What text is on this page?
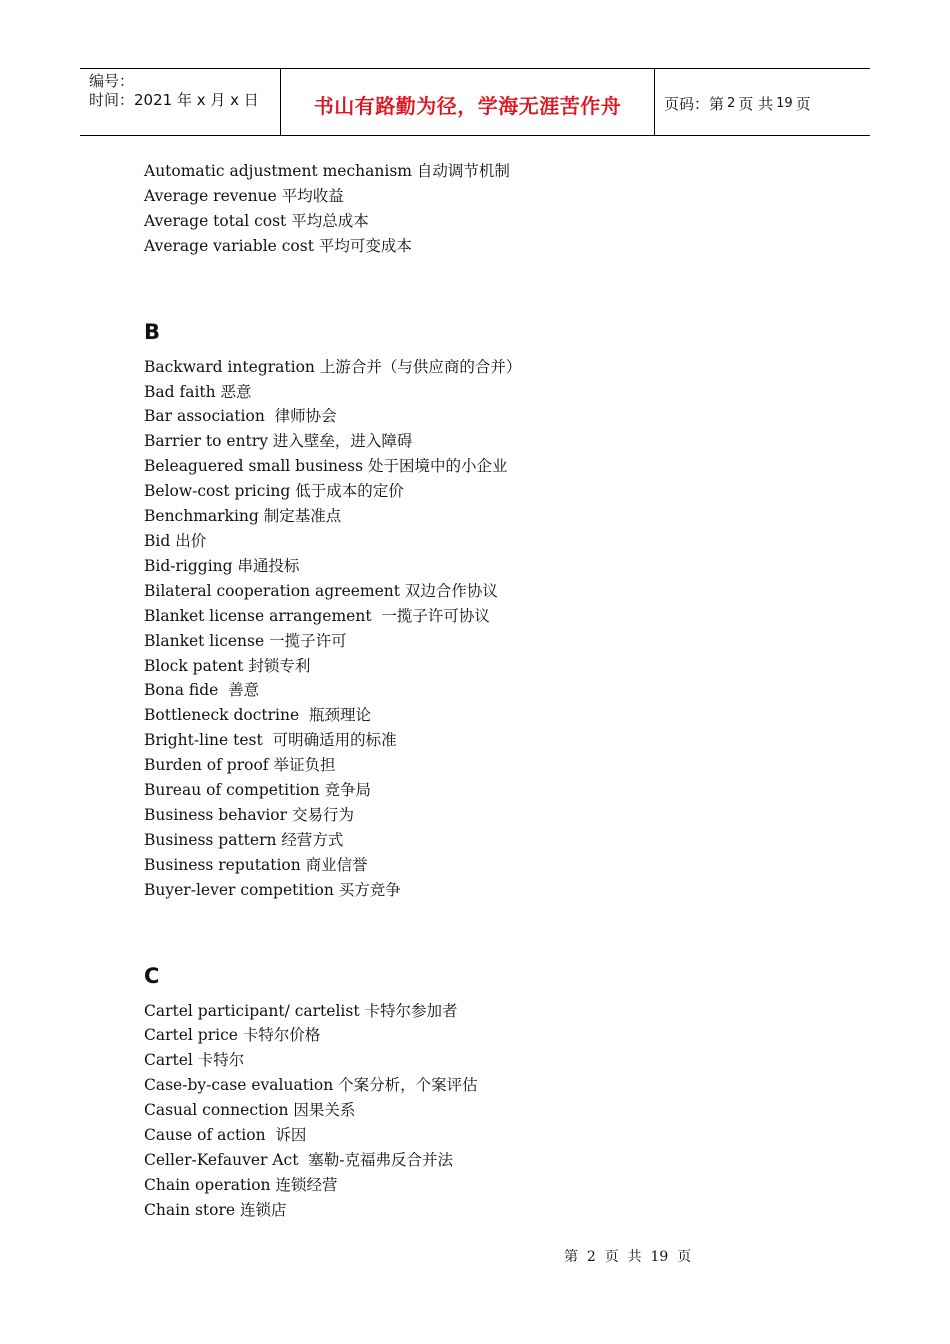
编号：
时间：2021 年 x 月 x 日	书山有路勤为径，学海无涯苦作舟	页码：第 2 页 共 19 页
Automatic adjustment mechanism 自动调节机制
Average revenue 平均收益
Average total cost 平均总成本
Average variable cost 平均可变成本
B
Backward integration 上游合并（与供应商的合并）
Bad faith 恶意
Bar association  律师协会
Barrier to entry 进入壁垒，进入障碍
Beleaguered small business 处于困境中的小企业
Below-cost pricing 低于成本的定价
Benchmarking 制定基准点
Bid 出价
Bid-rigging 串通投标
Bilateral cooperation agreement 双边合作协议
Blanket license arrangement  一揽子许可协议
Blanket license 一揽子许可
Block patent 封锁专利
Bona fide  善意
Bottleneck doctrine  瓶颈理论
Bright-line test  可明确适用的标准
Burden of proof 举证负担
Bureau of competition 竞争局
Business behavior 交易行为
Business pattern 经营方式
Business reputation 商业信誉
Buyer-lever competition 买方竞争
C
Cartel participant/ cartelist 卡特尔参加者
Cartel price 卡特尔价格
Cartel 卡特尔
Case-by-case evaluation 个案分析，个案评估
Casual connection 因果关系
Cause of action  诉因
Celler-Kefauver Act  塞勒-克福弗反合并法
Chain operation 连锁经营
Chain store 连锁店
第  2  页  共  19  页
